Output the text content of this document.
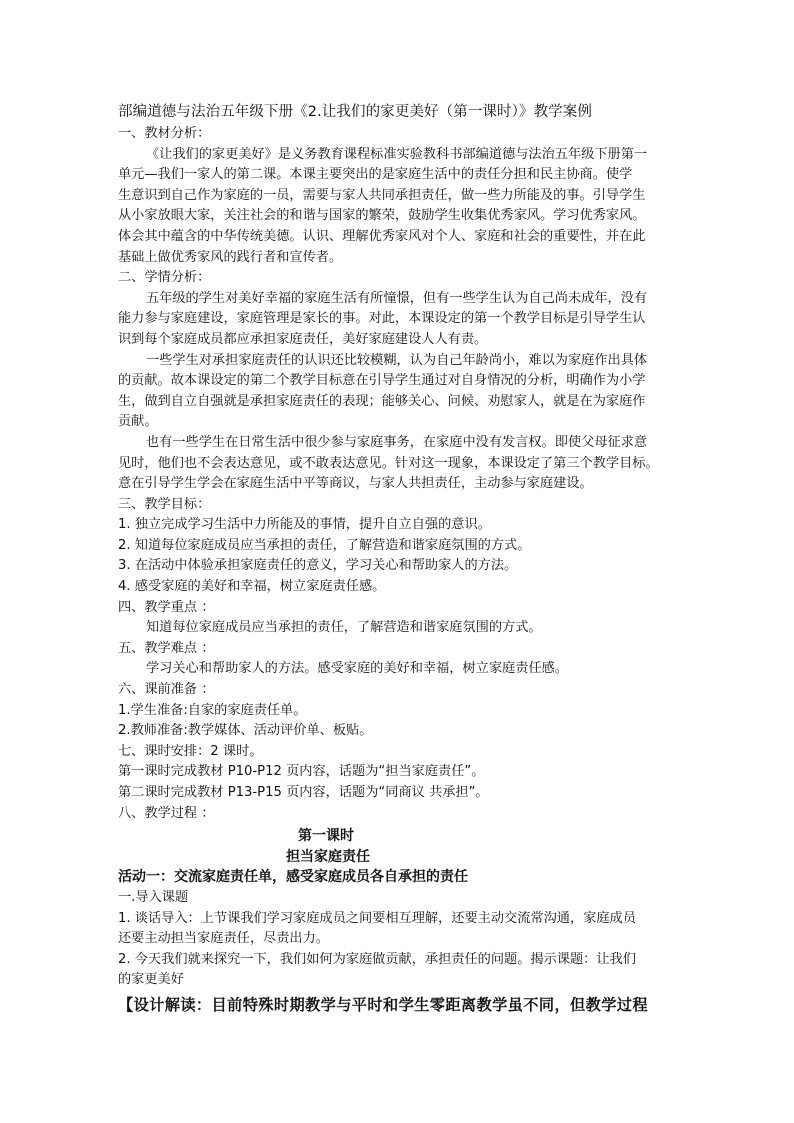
部编道德与法治五年级下册《2.让我们的家更美好（第一课时）》教学案例

一、教材分析：

《让我们的家更美好》是义务教育课程标准实验教科书部编道德与法治五年级下册第一

单元—我们一家人的第二课。本课主要突出的是家庭生活中的责任分担和民主协商。使学

生意识到自己作为家庭的一员，需要与家人共同承担责任，做一些力所能及的事。引导学生

从小家放眼大家，关注社会的和谐与国家的繁荣，鼓励学生收集优秀家风。学习优秀家风。

体会其中蕴含的中华传统美德。认识、理解优秀家风对个人、家庭和社会的重要性，并在此

基础上做优秀家风的践行者和宣传者。

二、学情分析：

五年级的学生对美好幸福的家庭生活有所憧憬，但有一些学生认为自己尚未成年，没有

能力参与家庭建设，家庭管理是家长的事。对此，本课设定的第一个教学目标是引导学生认

识到每个家庭成员都应承担家庭责任，美好家庭建设人人有责。

一些学生对承担家庭责任的认识还比较模糊，认为自己年龄尚小，难以为家庭作出具体

的贡献。故本课设定的第二个教学目标意在引导学生通过对自身情况的分析，明确作为小学

生，做到自立自强就是承担家庭责任的表现；能够关心、问候、劝慰家人，就是在为家庭作

贡献。

也有一些学生在日常生活中很少参与家庭事务，在家庭中没有发言权。即使父母征求意

见时，他们也不会表达意见，或不敢表达意见。针对这一现象，本课设定了第三个教学目标。

意在引导学生学会在家庭生活中平等商议，与家人共担责任，主动参与家庭建设。

三、教学目标：

1. 独立完成学习生活中力所能及的事情，提升自立自强的意识。

2. 知道每位家庭成员应当承担的责任，了解营造和谐家庭氛围的方式。

3. 在活动中体验承担家庭责任的意义，学习关心和帮助家人的方法。

4. 感受家庭的美好和幸福，树立家庭责任感。

四、教学重点 ：

知道每位家庭成员应当承担的责任，了解营造和谐家庭氛围的方式。

五、教学难点 ：

学习关心和帮助家人的方法。感受家庭的美好和幸福，树立家庭责任感。

六、课前准备 ：

1.学生准备:自家的家庭责任单。

2.教师准备:教学媒体、活动评价单、板贴。

七、课时安排：2 课时。

第一课时完成教材 P10-P12 页内容，话题为“担当家庭责任”。

第二课时完成教材 P13-P15 页内容，话题为“同商议 共承担”。

八、教学过程 ：

第一课时

担当家庭责任

活动一：交流家庭责任单，感受家庭成员各自承担的责任

一.导入课题

1. 谈话导入：上节课我们学习家庭成员之间要相互理解，还要主动交流常沟通，家庭成员

还要主动担当家庭责任，尽责出力。

2. 今天我们就来探究一下，我们如何为家庭做贡献，承担责任的问题。揭示课题：让我们

的家更美好

【设计解读：目前特殊时期教学与平时和学生零距离教学虽不同，但教学过程
